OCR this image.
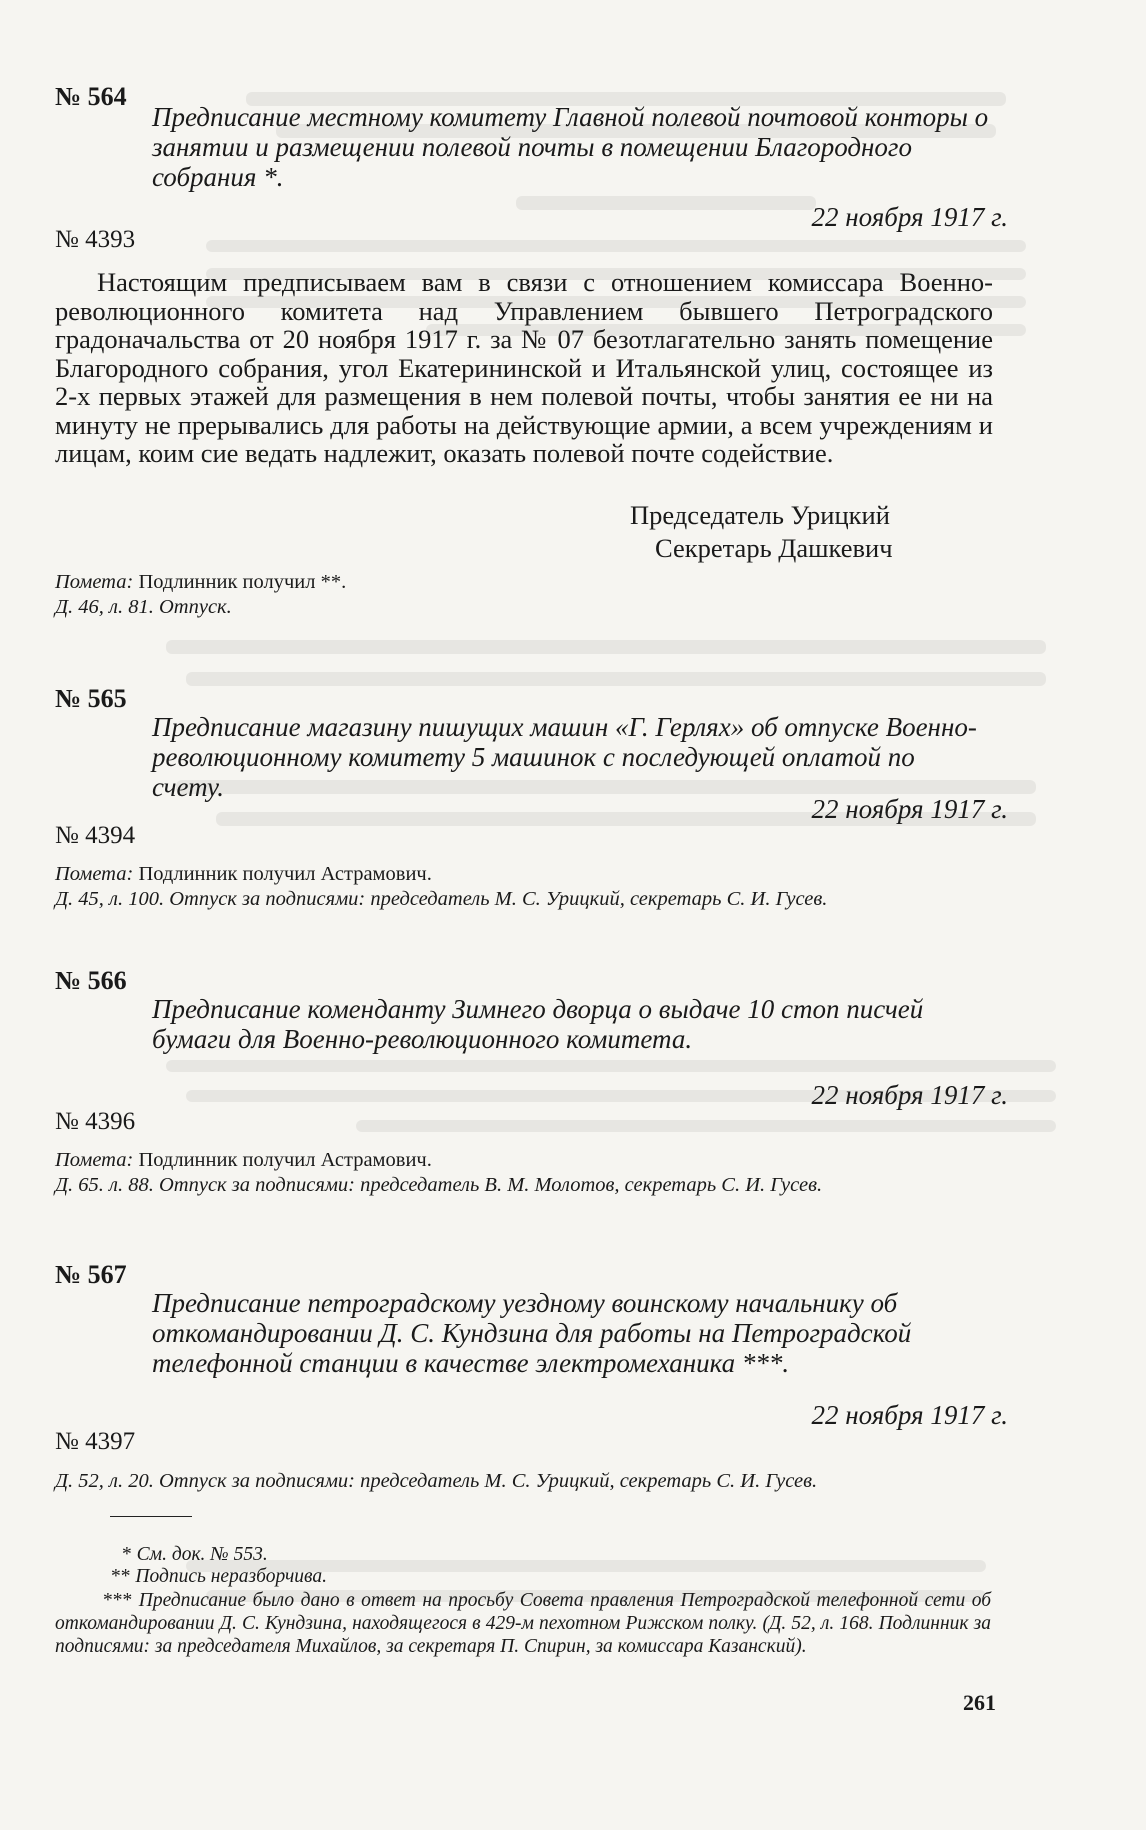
№ 564
Предписание местному комитету Главной полевой почтовой конторы о занятии и размещении полевой почты в помещении Благородного собрания *.
22 ноября 1917 г.
№ 4393
Настоящим предписываем вам в связи с отношением комиссара Военно-революционного комитета над Управлением бывшего Петроградского градоначальства от 20 ноября 1917 г. за № 07 безотлагательно занять помещение Благородного собрания, угол Екатерининской и Итальянской улиц, состоящее из 2-х первых этажей для размещения в нем полевой почты, чтобы занятия ее ни на минуту не прерывались для работы на действующие армии, а всем учреждениям и лицам, коим сие ведать надлежит, оказать полевой почте содействие.
Председатель Урицкий
Секретарь Дашкевич
Помета: Подлинник получил **.
Д. 46, л. 81. Отпуск.
№ 565
Предписание магазину пишущих машин «Г. Герлях» об отпуске Военно-революционному комитету 5 машинок с последующей оплатой по счету.
22 ноября 1917 г.
№ 4394
Помета: Подлинник получил Астрамович.
Д. 45, л. 100. Отпуск за подписями: председатель М. С. Урицкий, секретарь С. И. Гусев.
№ 566
Предписание коменданту Зимнего дворца о выдаче 10 стоп писчей бумаги для Военно-революционного комитета.
22 ноября 1917 г.
№ 4396
Помета: Подлинник получил Астрамович.
Д. 65. л. 88. Отпуск за подписями: председатель В. М. Молотов, секретарь С. И. Гусев.
№ 567
Предписание петроградскому уездному воинскому начальнику об откомандировании Д. С. Кундзина для работы на Петроградской телефонной станции в качестве электромеханика ***.
22 ноября 1917 г.
№ 4397
Д. 52, л. 20. Отпуск за подписями: председатель М. С. Урицкий, секретарь С. И. Гусев.
* См. док. № 553.
** Подпись неразборчива.
*** Предписание было дано в ответ на просьбу Совета правления Петроградской телефонной сети об откомандировании Д. С. Кундзина, находящегося в 429-м пехотном Рижском полку. (Д. 52, л. 168. Подлинник за подписями: за председателя Михайлов, за секретаря П. Спирин, за комиссара Казанский).
261
